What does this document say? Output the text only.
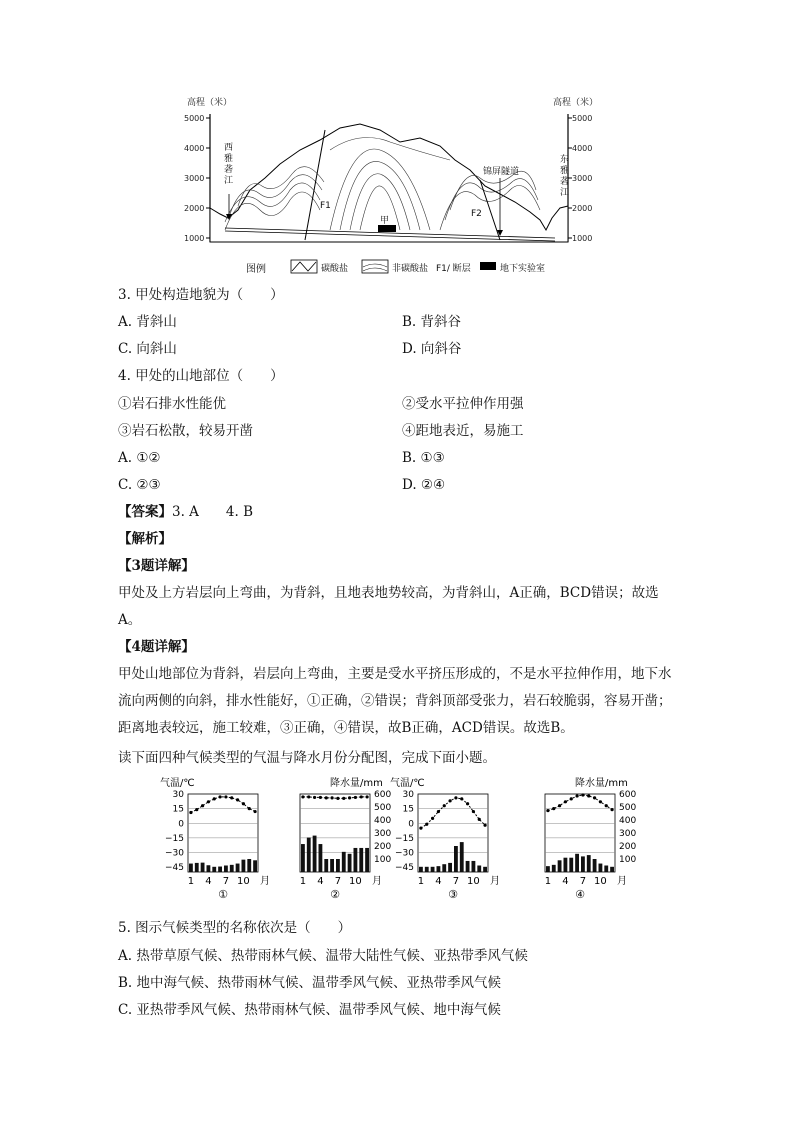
高程（米）	高程（米）
5000	5000
4000	4000
3000	3000
2000	2000
1000	1000
西雅砻江
东雅砻江
锦屏隧道
F1
F2
甲
图例	碳酸盐	非碳酸盐 F1/ 断层	地下实验室
3. 甲处构造地貌为（　　）
A. 背斜山	B. 背斜谷
C. 向斜山	D. 向斜谷
4. 甲处的山地部位（　　）
①岩石排水性能优	②受水平拉伸作用强
③岩石松散，较易开凿	④距地表近，易施工
A. ①②	B. ①③
C. ②③	D. ②④
【答案】3. A　　4. B
【解析】
【3题详解】
甲处及上方岩层向上弯曲，为背斜，且地表地势较高，为背斜山，A正确，BCD错误；故选A。
【4题详解】
甲处山地部位为背斜，岩层向上弯曲，主要是受水平挤压形成的，不是水平拉伸作用，地下水流向两侧的向斜，排水性能好，①正确，②错误；背斜顶部受张力，岩石较脆弱，容易开凿；距离地表较远，施工较难，③正确，④错误，故B正确，ACD错误。故选B。
读下面四种气候类型的气温与降水月份分配图，完成下面小题。
气温/℃
30
15
0
−15
−30
−45
1 4 7 10 月
①
降水量/mm
600
500
400
300
200
100
1 4 7 10 月
②
气温/℃
30
15
0
−15
−30
−45
1 4 7 10 月
③
降水量/mm
600
500
400
300
200
100
1 4 7 10 月
④
5. 图示气候类型的名称依次是（　　）
A. 热带草原气候、热带雨林气候、温带大陆性气候、亚热带季风气候
B. 地中海气候、热带雨林气候、温带季风气候、亚热带季风气候
C. 亚热带季风气候、热带雨林气候、温带季风气候、地中海气候
